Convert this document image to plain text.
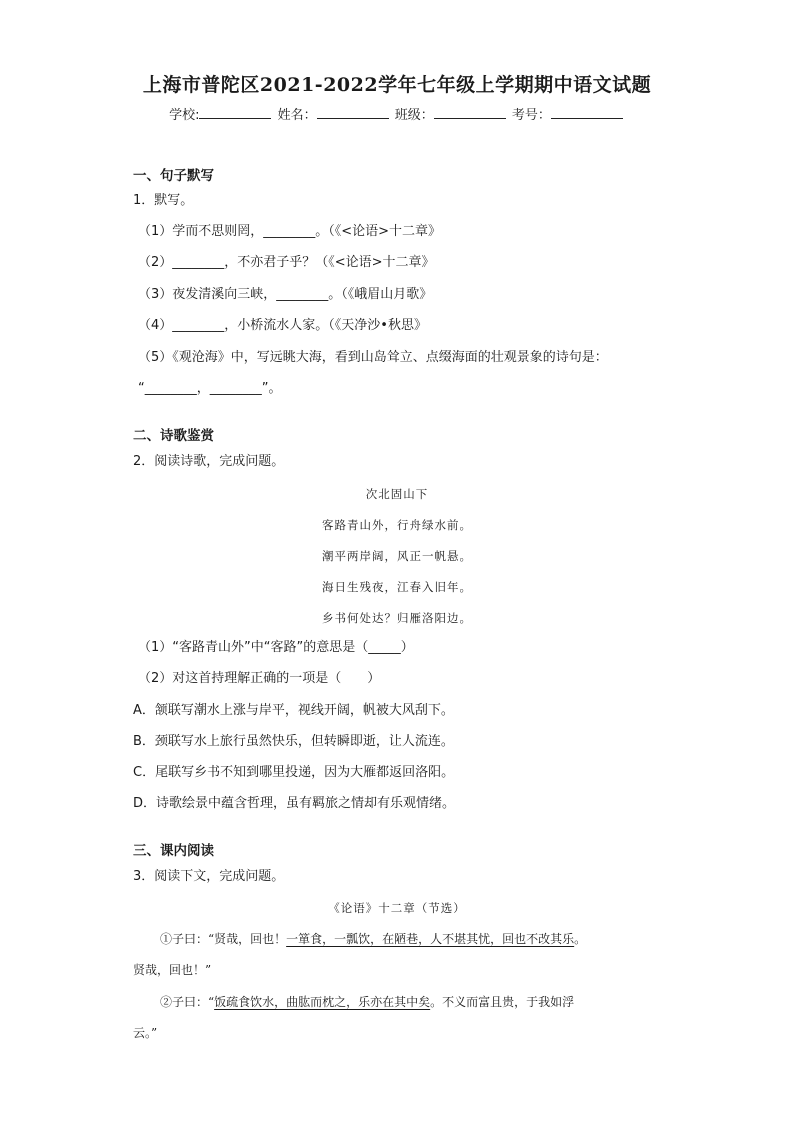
上海市普陀区2021-2022学年七年级上学期期中语文试题
学校:	姓名：	班级：	考号：
一、句子默写
1．默写。
（1）学而不思则罔，________。（《<论语>十二章》
（2）________，不亦君子乎？（《<论语>十二章》
（3）夜发清溪向三峡，________。（《峨眉山月歌》
（4）________，小桥流水人家。（《天净沙•秋思》
（5）《观沧海》中，写远眺大海，看到山岛耸立、点缀海面的壮观景象的诗句是：
“________，________”。
二、诗歌鉴赏
2．阅读诗歌，完成问题。
次北固山下
客路青山外，行舟绿水前。
潮平两岸阔，风正一帆悬。
海日生残夜，江春入旧年。
乡书何处达？归雁洛阳边。
（1）“客路青山外”中“客路”的意思是（_____）
（2）对这首持理解正确的一项是（　　）
A．颔联写潮水上涨与岸平，视线开阔，帆被大风刮下。
B．颈联写水上旅行虽然快乐，但转瞬即逝，让人流连。
C．尾联写乡书不知到哪里投递，因为大雁都返回洛阳。
D．诗歌绘景中蕴含哲理，虽有羁旅之情却有乐观情绪。
三、课内阅读
3．阅读下文，完成问题。
《论语》十二章（节选）
①子曰：“贤哉，回也！一箪食，一瓢饮，在陋巷，人不堪其忧，回也不改其乐。
贤哉，回也！”
②子曰：“饭疏食饮水，曲肱而枕之，乐亦在其中矣。不义而富且贵，于我如浮
云。”
